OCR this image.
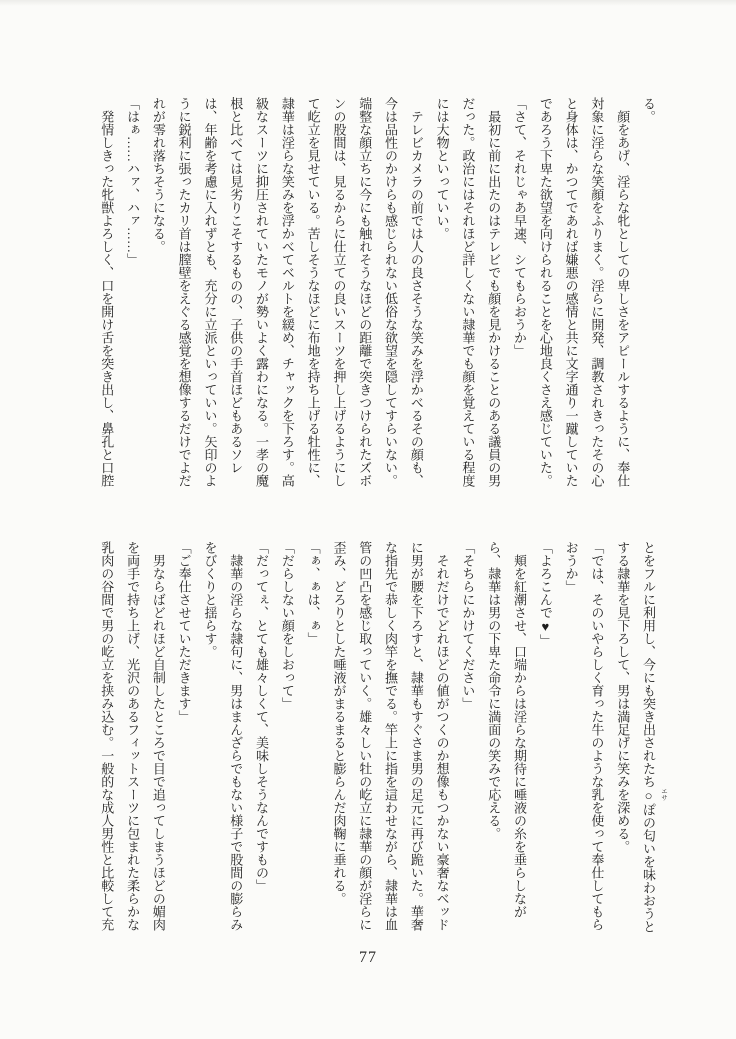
る。
顔をあげ、淫らな牝としての卑しさをアピールするように、奉仕
対象に淫らな笑顔をふりまく。淫らに開発、調教されきったその心
と身体は、かつてであれば嫌悪の感情と共に文字通り一蹴していた
であろう下卑た欲望を向けられることを心地良くさえ感じていた。
「さて、それじゃあ早速、シてもらおうか」
最初に前に出たのはテレビでも顔を見かけることのある議員の男
だった。政治にはそれほど詳しくない隷華でも顔を覚えている程度
には大物といっていい。
テレビカメラの前では人の良さそうな笑みを浮かべるその顔も、
今は品性のかけらも感じられない低俗な欲望を隠してすらいない。
端整な顔立ちに今にも触れそうなほどの距離で突きつけられたズボ
ンの股間は、見るからに仕立ての良いスーツを押し上げるようにし
て屹立を見せている。苦しそうなほどに布地を持ち上げる牡性に、
隷華は淫らな笑みを浮かべてベルトを緩め、チャックを下ろす。高
級なスーツに抑圧されていたモノが勢いよく露わになる。一孝の魔
根と比べては見劣りこそするものの、子供の手首ほどもあるソレ
は、年齢を考慮に入れずとも、充分に立派といっていい。矢印のよ
うに鋭利に張ったカリ首は膣壁をえぐる感覚を想像するだけでよだ
れが零れ落ちそうになる。
「はぁ……ハァ、ハァ……」
発情しきった牝獣よろしく、口を開け舌を突き出し、鼻孔と口腔
とをフルに利用し、今にも突き出されたち○ エサ
ぽの匂いを味わおうと
する隷華を見下ろして、男は満足げに笑みを深める。
「では、そのいやらしく育った牛のような乳を使って奉仕してもら
おうか」
「よろこんで♥」
頬を紅潮させ、口端からは淫らな期待に唾液の糸を垂らしなが
ら、隷華は男の下卑た命令に満面の笑みで応える。
「そちらにかけてください」
それだけでどれほどの値がつくのか想像もつかない豪奢なベッド
に男が腰を下ろすと、隷華もすぐさま男の足元に再び跪いた。華奢
な指先で恭しく肉竿を撫でる。竿上に指を這わせながら、隷華は血
管の凹凸を感じ取っていく。雄々しい牡の屹立に隷華の顔が淫らに
歪み、どろりとした唾液がまるまると膨らんだ肉鞠に垂れる。
「ぁ、ぁは、ぁ」
「だらしない顔をしおって」
「だってぇ、とても雄々しくて、美味しそうなんですもの」
隷華の淫らな隷句に、男はまんざらでもない様子で股間の膨らみ
をびくりと揺らす。
「ご奉仕させていただきます」
男ならばどれほど自制したところで目で追ってしまうほどの媚肉
を両手で持ち上げ、光沢のあるフィットスーツに包まれた柔らかな
乳肉の谷間で男の屹立を挟み込む。一般的な成人男性と比較して充
77
